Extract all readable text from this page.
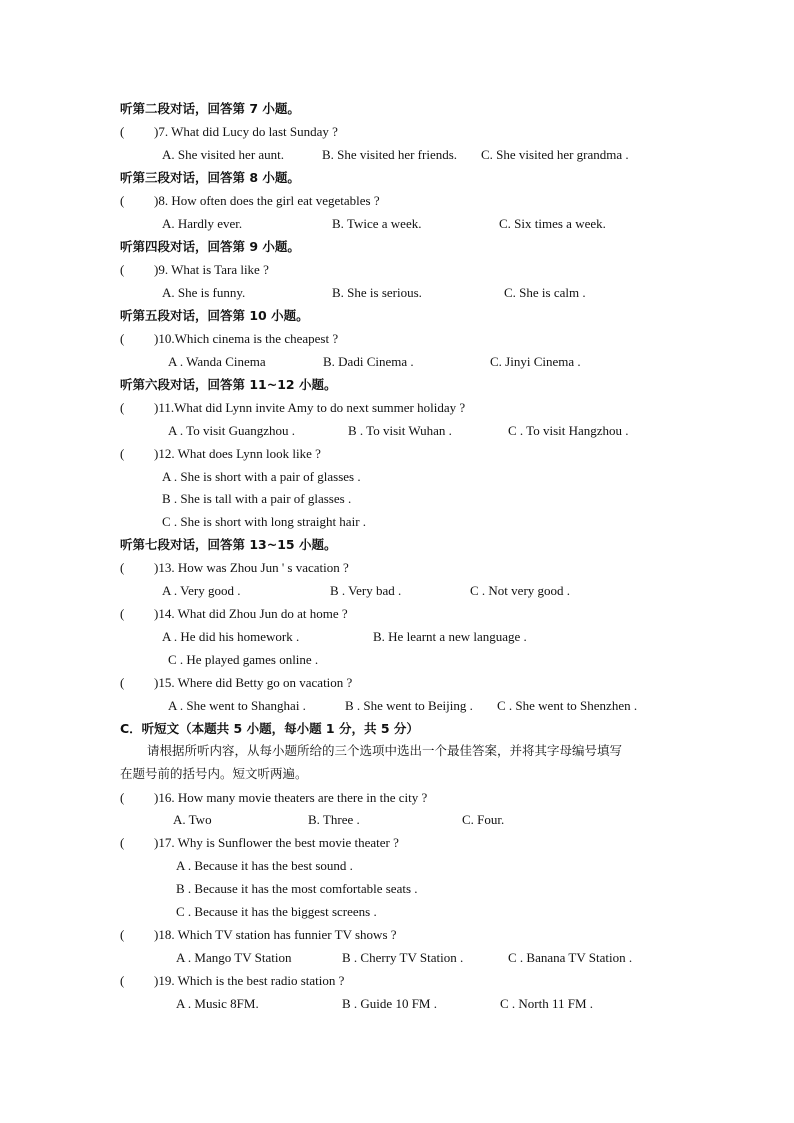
听第二段对话，回答第 7 小题。
( )7. What did Lucy do last Sunday ?
A. She visited her aunt.	B. She visited her friends. C. She visited her grandma .
听第三段对话，回答第 8 小题。
( )8. How often does the girl eat vegetables ?
A. Hardly ever.	B. Twice a week.	C. Six times a week.
听第四段对话，回答第 9 小题。
( )9. What is Tara like ?
A. She is funny.	B. She is serious.	C. She is calm .
听第五段对话，回答第 10 小题。
( )10.Which cinema is the cheapest ?
A . Wanda Cinema	B. Dadi Cinema .	C. Jinyi Cinema .
听第六段对话，回答第 11~12 小题。
( )11.What did Lynn invite Amy to do next summer holiday ?
A . To visit Guangzhou .	B . To visit Wuhan .	C . To visit Hangzhou .
( )12. What does Lynn look like ?
A . She is short with a pair of glasses .
B . She is tall with a pair of glasses .
C . She is short with long straight hair .
听第七段对话，回答第 13~15 小题。
( )13. How was Zhou Jun ' s vacation ?
A . Very good .	B . Very bad .	C . Not very good .
( )14. What did Zhou Jun do at home ?
A . He did his homework .	B. He learnt a new language .
C . He played games online .
( )15. Where did Betty go on vacation ?
A . She went to Shanghai .	B . She went to Beijing . C . She went to Shenzhen .
C．听短文（本题共 5 小题，每小题 1 分，共 5 分）
请根据所听内容，从每小题所给的三个选项中选出一个最佳答案，并将其字母编号填写
在题号前的括号内。短文听两遍。
( )16. How many movie theaters are there in the city ?
A. Two	B. Three .	C. Four.
( )17. Why is Sunflower the best movie theater ?
A . Because it has the best sound .
B . Because it has the most comfortable seats .
C . Because it has the biggest screens .
( )18. Which TV station has funnier TV shows ?
A . Mango TV Station	B . Cherry TV Station .	C . Banana TV Station .
( )19. Which is the best radio station ?
A . Music 8FM.	B . Guide 10 FM .	C . North 11 FM .
